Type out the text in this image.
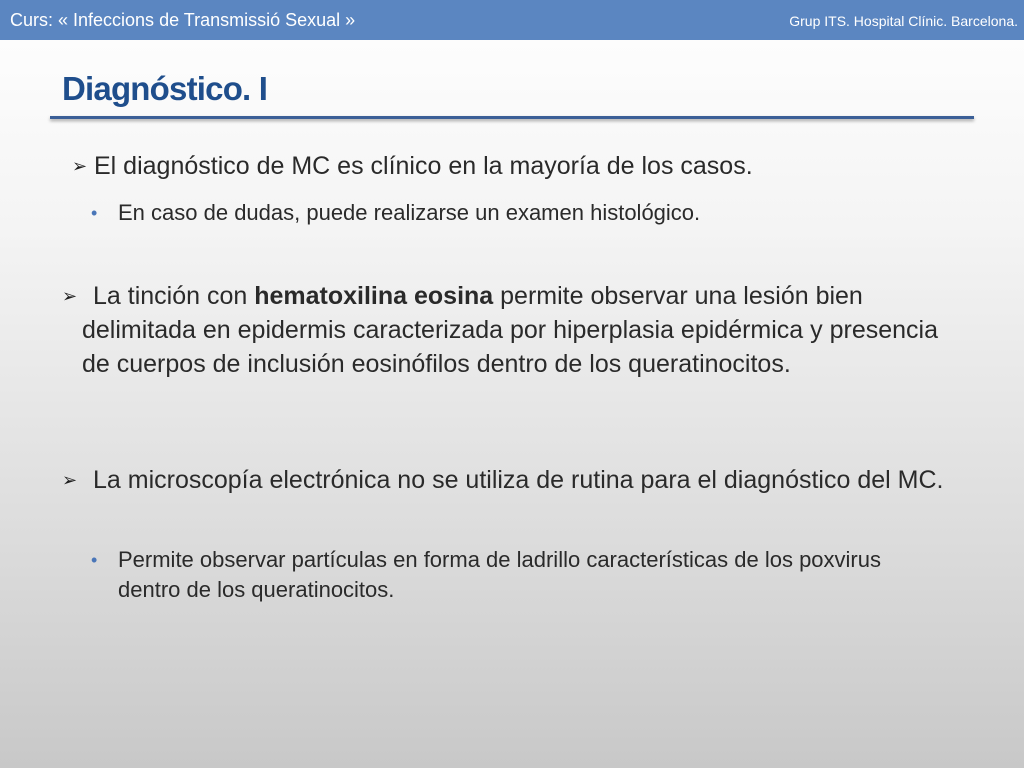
Curs: « Infeccions de Transmissió Sexual »	Grup ITS. Hospital Clínic. Barcelona.
Diagnóstico. I
➢ El diagnóstico de MC es clínico en la mayoría de los casos.
• En caso de dudas, puede realizarse un examen histológico.
➢ La tinción con hematoxilina eosina permite observar una lesión bien delimitada en epidermis caracterizada por hiperplasia epidérmica y presencia de cuerpos de inclusión eosinófilos dentro de los queratinocitos.
➢ La microscopía electrónica no se utiliza de rutina para el diagnóstico del MC.
• Permite observar partículas en forma de ladrillo características de los poxvirus dentro de los queratinocitos.
